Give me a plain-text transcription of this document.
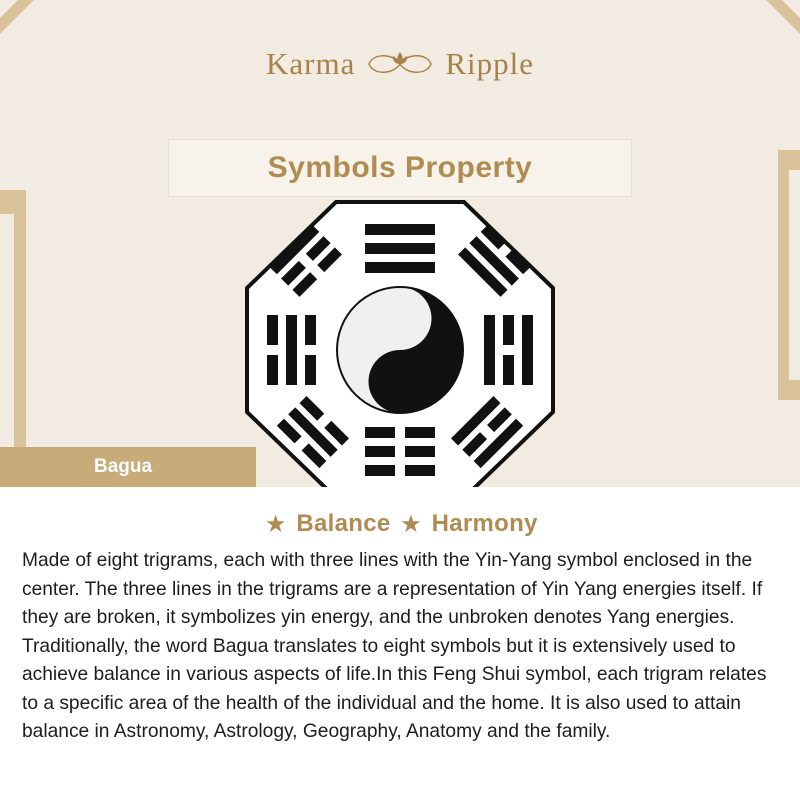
Karma	Ripple
Symbols Property
Bagua
★ Balance ★ Harmony

Made of eight trigrams, each with three lines with the Yin-Yang symbol enclosed in the center. The three lines in the trigrams are a representation of Yin Yang energies itself. If they are broken, it symbolizes yin energy, and the unbroken denotes Yang energies. Traditionally, the word Bagua translates to eight symbols but it is extensively used to achieve balance in various aspects of life.In this Feng Shui symbol, each trigram relates to a specific area of the health of the individual and the home. It is also used to attain balance in Astronomy, Astrology, Geography, Anatomy and the family.
